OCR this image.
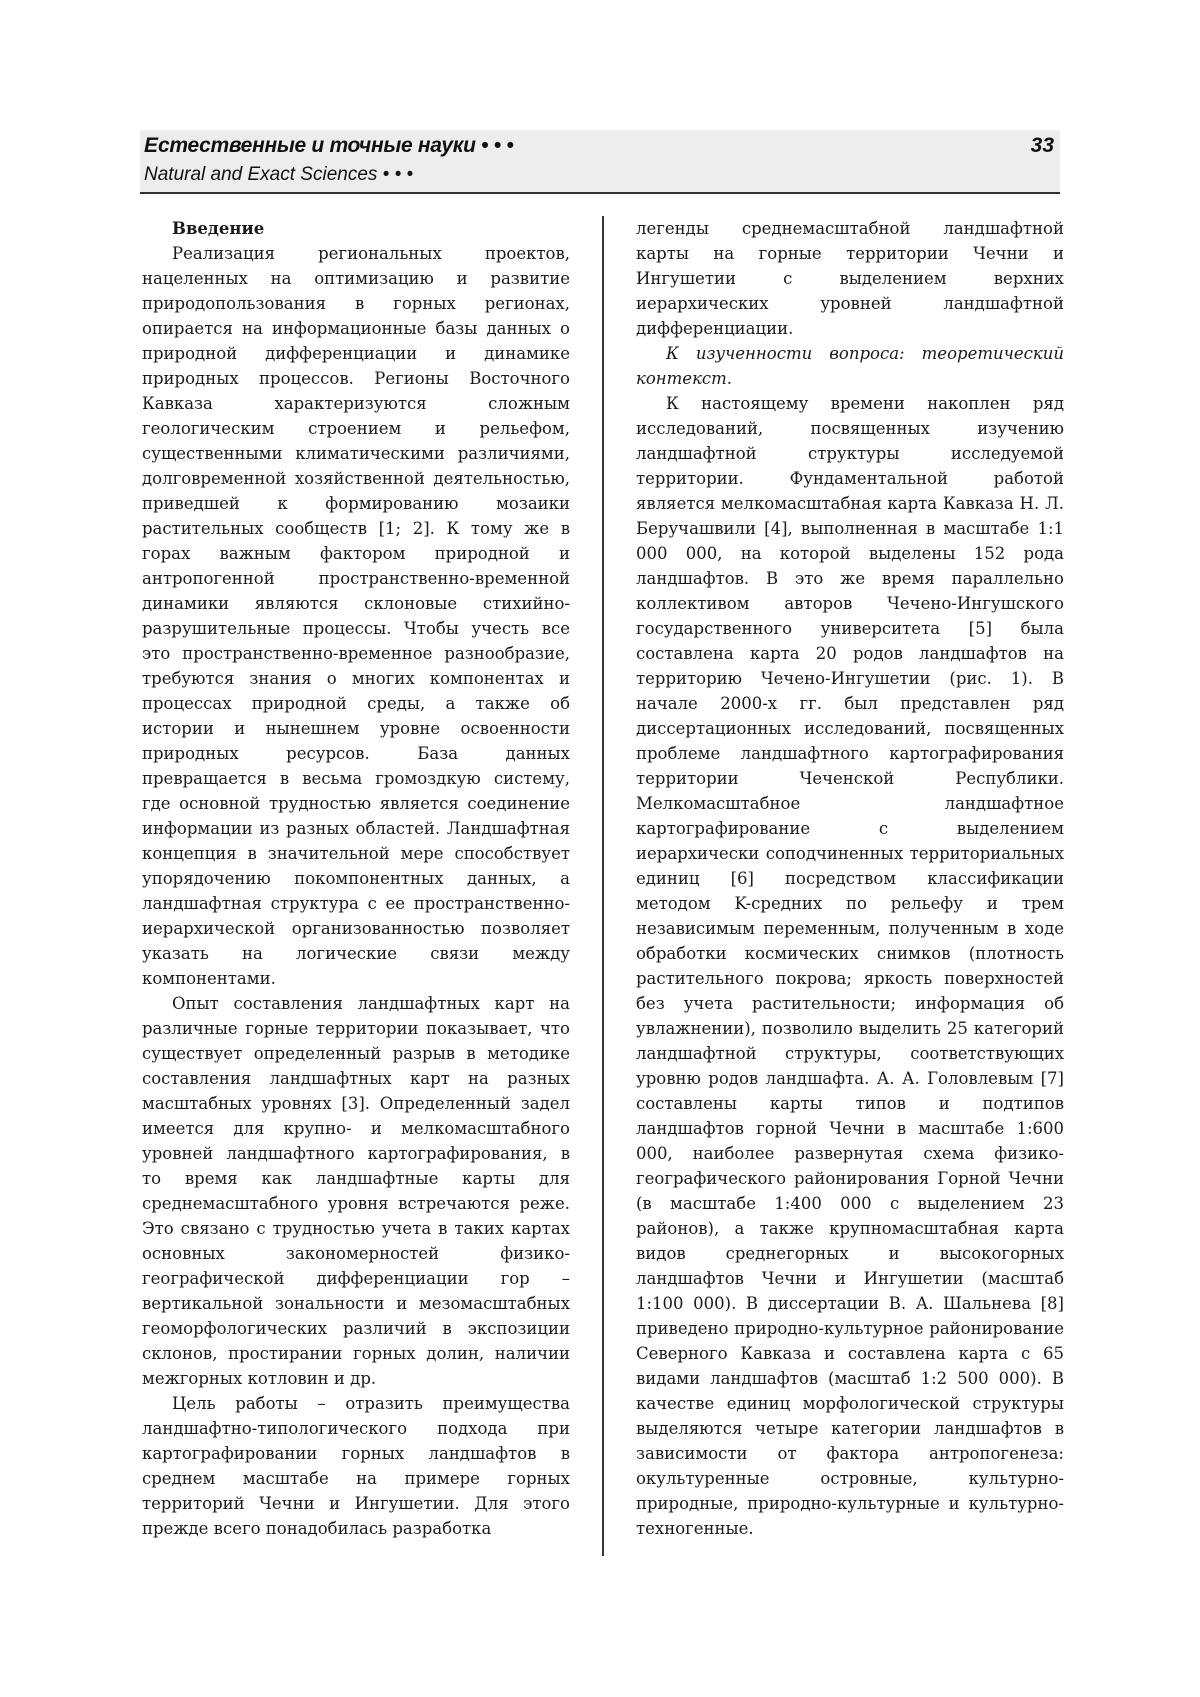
Естественные и точные науки • • •
Natural and Exact Sciences • • •
33

Введение

Реализация региональных проектов, нацеленных на оптимизацию и развитие природопользования в горных регионах, опирается на информационные базы данных о природной дифференциации и динамике природных процессов. Регионы Восточного Кавказа характеризуются сложным геологическим строением и рельефом, существенными климатическими различиями, долговременной хозяйственной деятельностью, приведшей к формированию мозаики растительных сообществ [1; 2]. К тому же в горах важным фактором природной и антропогенной пространственно-временной динамики являются склоновые стихийно-разрушительные процессы. Чтобы учесть все это пространственно-временное разнообразие, требуются знания о многих компонентах и процессах природной среды, а также об истории и нынешнем уровне освоенности природных ресурсов. База данных превращается в весьма громоздкую систему, где основной трудностью является соединение информации из разных областей. Ландшафтная концепция в значительной мере способствует упорядочению покомпонентных данных, а ландшафтная структура с ее пространственно-иерархической организованностью позволяет указать на логические связи между компонентами.

Опыт составления ландшафтных карт на различные горные территории показывает, что существует определенный разрыв в методике составления ландшафтных карт на разных масштабных уровнях [3]. Определенный задел имеется для крупно- и мелкомасштабного уровней ландшафтного картографирования, в то время как ландшафтные карты для среднемасштабного уровня встречаются реже. Это связано с трудностью учета в таких картах основных закономерностей физико-географической дифференциации гор – вертикальной зональности и мезомасштабных геоморфологических различий в экспозиции склонов, простирании горных долин, наличии межгорных котловин и др.

Цель работы – отразить преимущества ландшафтно-типологического подхода при картографировании горных ландшафтов в среднем масштабе на примере горных территорий Чечни и Ингушетии. Для этого прежде всего понадобилась разработка

легенды среднемасштабной ландшафтной карты на горные территории Чечни и Ингушетии с выделением верхних иерархических уровней ландшафтной дифференциации.

К изученности вопроса: теоретический контекст.

К настоящему времени накоплен ряд исследований, посвященных изучению ландшафтной структуры исследуемой территории. Фундаментальной работой является мелкомасштабная карта Кавказа Н. Л. Беручашвили [4], выполненная в масштабе 1:1 000 000, на которой выделены 152 рода ландшафтов. В это же время параллельно коллективом авторов Чечено-Ингушского государственного университета [5] была составлена карта 20 родов ландшафтов на территорию Чечено-Ингушетии (рис. 1). В начале 2000-х гг. был представлен ряд диссертационных исследований, посвященных проблеме ландшафтного картографирования территории Чеченской Республики. Мелкомасштабное ландшафтное картографирование с выделением иерархически соподчиненных территориальных единиц [6] посредством классификации методом K-средних по рельефу и трем независимым переменным, полученным в ходе обработки космических снимков (плотность растительного покрова; яркость поверхностей без учета растительности; информация об увлажнении), позволило выделить 25 категорий ландшафтной структуры, соответствующих уровню родов ландшафта. А. А. Головлевым [7] составлены карты типов и подтипов ландшафтов горной Чечни в масштабе 1:600 000, наиболее развернутая схема физико-географического районирования Горной Чечни (в масштабе 1:400 000 с выделением 23 районов), а также крупномасштабная карта видов среднегорных и высокогорных ландшафтов Чечни и Ингушетии (масштаб 1:100 000). В диссертации В. А. Шальнева [8] приведено природно-культурное районирование Северного Кавказа и составлена карта с 65 видами ландшафтов (масштаб 1:2 500 000). В качестве единиц морфологической структуры выделяются четыре категории ландшафтов в зависимости от фактора антропогенеза: окультуренные островные, культурно-природные, природно-культурные и культурно-техногенные.
